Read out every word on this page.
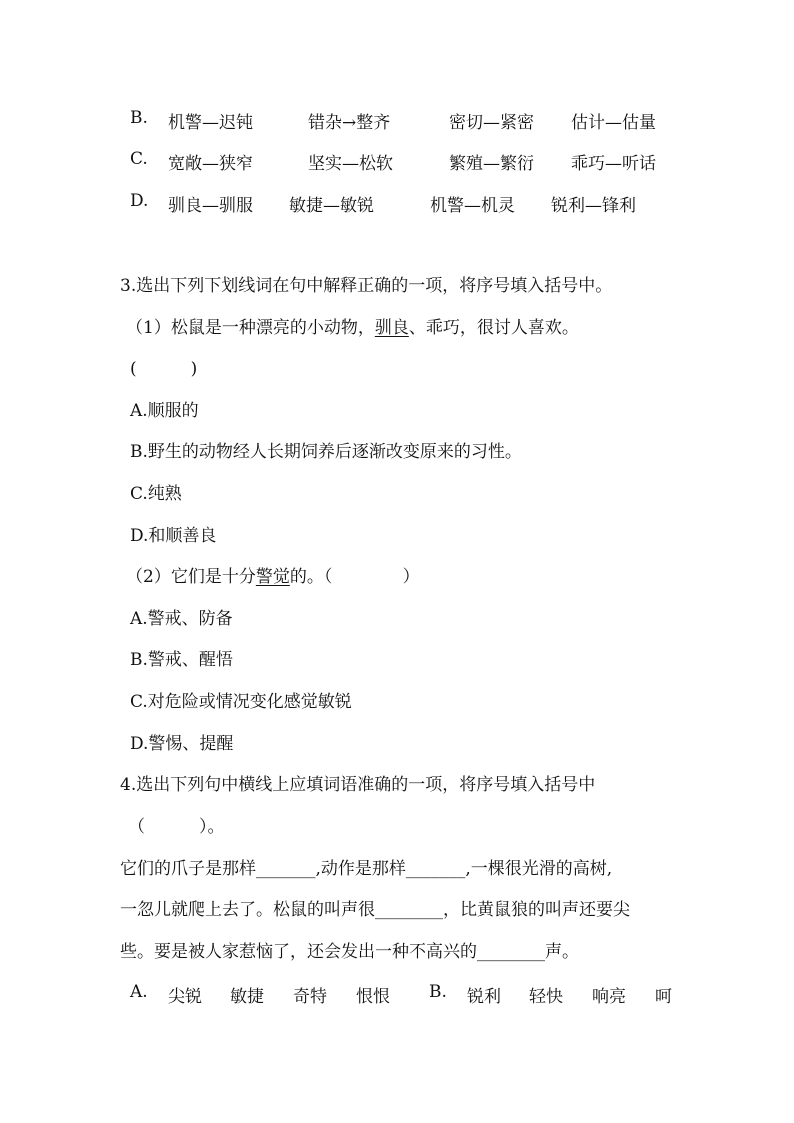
B. 机警—迟钝	错杂→整齐	密切—紧密 估计—估量
C. 宽敞—狭窄	坚实—松软	繁殖—繁衍 乖巧—听话
D. 驯良—驯服 敏捷—敏锐	机警—机灵 锐利—锋利
3.选出下列下划线词在句中解释正确的一项，将序号填入括号中。
（1）松鼠是一种漂亮的小动物，驯良、乖巧，很讨人喜欢。
(          )
A.顺服的
B.野生的动物经人长期饲养后逐渐改变原来的习性。
C.纯熟
D.和顺善良
（2）它们是十分警觉的。（             ）
A.警戒、防备
B.警戒、醒悟
C.对危险或情况变化感觉敏锐
D.警惕、提醒
4.选出下列句中横线上应填词语准确的一项，将序号填入括号中
（          ）。
它们的爪子是那样_______,动作是那样_______,一棵很光滑的高树,
一忽儿就爬上去了。松鼠的叫声很________，比黄鼠狼的叫声还要尖
些。要是被人家惹恼了，还会发出一种不高兴的________声。
A. 尖锐 敏捷 奇特 恨恨 B. 锐利 轻快 响亮 呵
